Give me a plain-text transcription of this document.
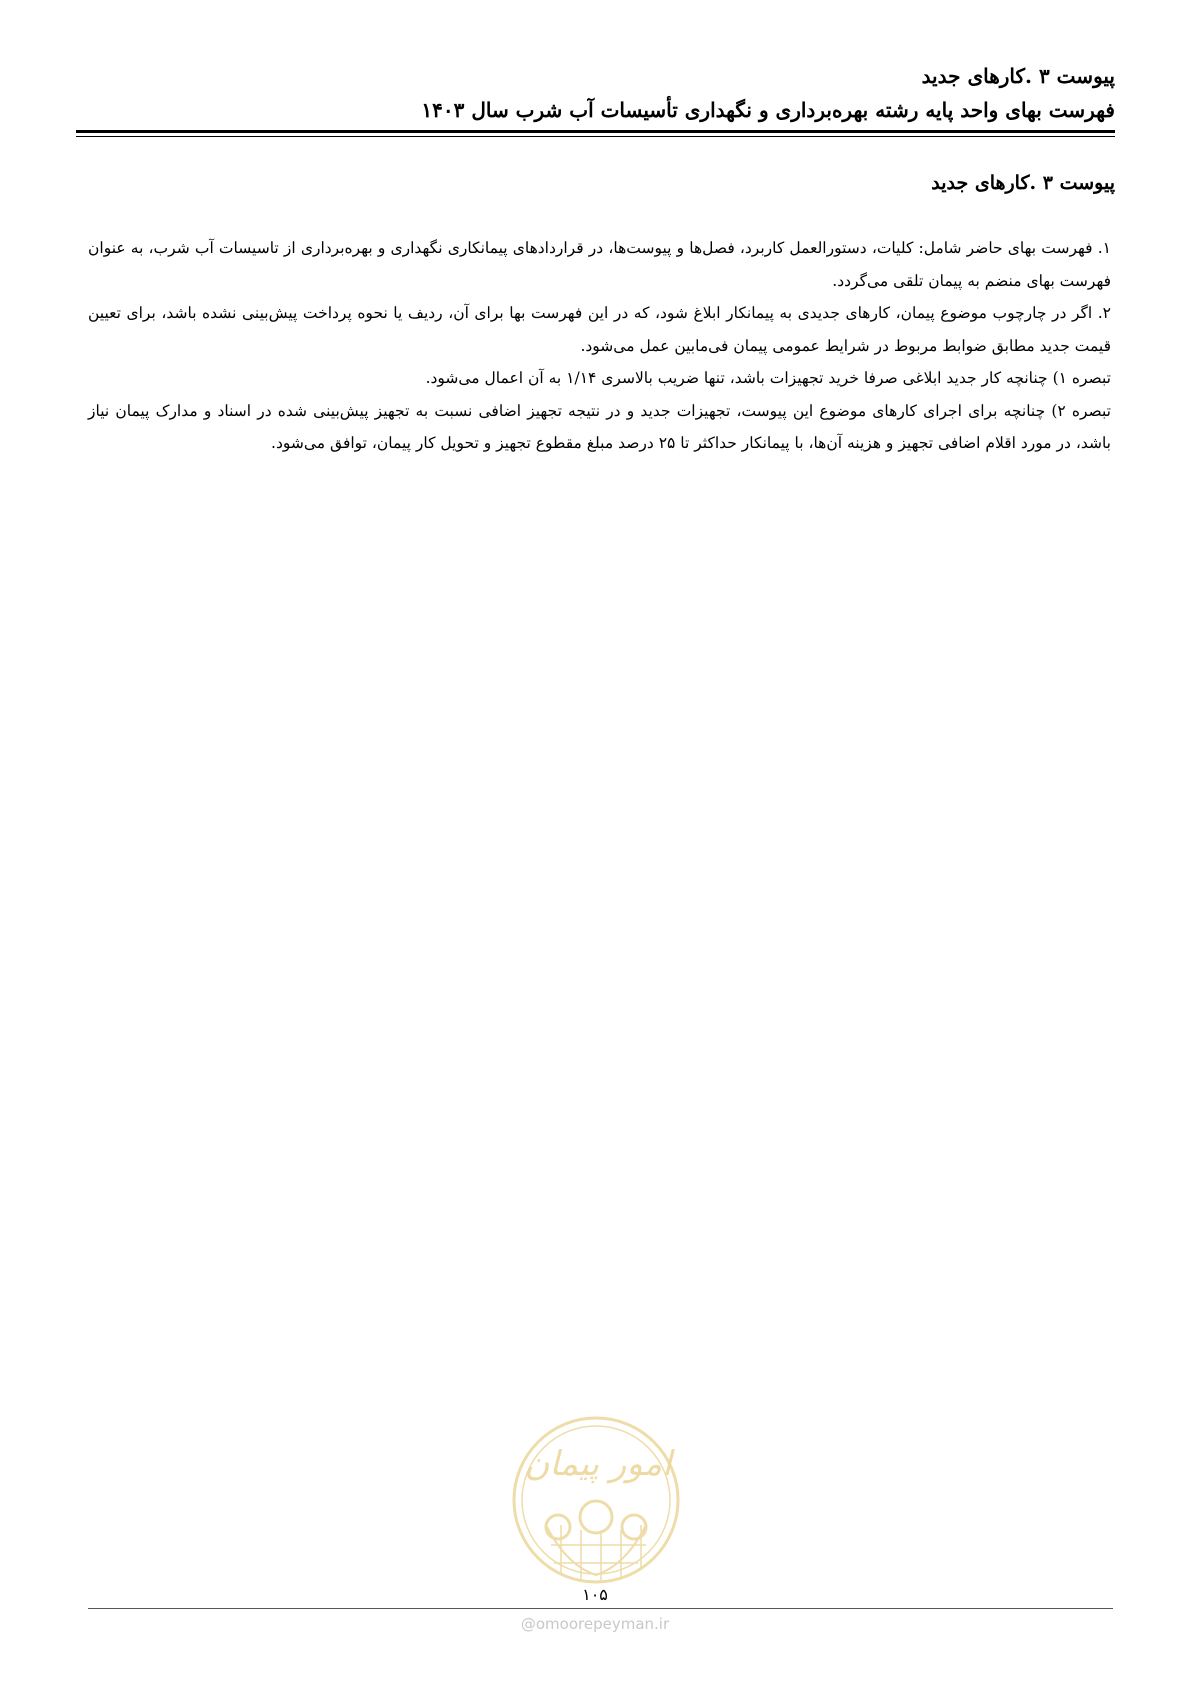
پیوست ۳ .کارهای جدید
فهرست بهای واحد پایه رشته بهره‌برداری و نگهداری تأسیسات آب شرب سال ۱۴۰۳
پیوست ۳ .کارهای جدید

۱. فهرست بهای حاضر شامل: کلیات، دستورالعمل کاربرد، فصل‌ها و پیوست‌ها، در قراردادهای پیمانکاری نگهداری و بهره‌برداری از تاسیسات آب شرب، به عنوان فهرست بهای منضم به پیمان تلقی می‌گردد.

۲. اگر در چارچوب موضوع پیمان، کارهای جدیدی به پیمانکار ابلاغ شود، که در این فهرست بها برای آن، ردیف یا نحوه پرداخت پیش‌بینی نشده باشد، برای تعیین قیمت جدید مطابق ضوابط مربوط در شرایط عمومی پیمان فی‌مابین عمل می‌شود.

تبصره ۱) چنانچه کار جدید ابلاغی صرفا خرید تجهیزات باشد، تنها ضریب بالاسری ۱/۱۴ به آن اعمال می‌شود.

تبصره ۲) چنانچه برای اجرای کارهای موضوع این پیوست، تجهیزات جدید و در نتیجه تجهیز اضافی نسبت به تجهیز پیش‌بینی شده در اسناد و مدارک پیمان نیاز باشد، در مورد اقلام اضافی تجهیز و هزینه آن‌ها، با پیمانکار حداکثر تا ۲۵ درصد مبلغ مقطوع تجهیز و تحویل کار پیمان، توافق می‌شود.

امور پیمان
۱۰۵
@omoorepeyman.ir
